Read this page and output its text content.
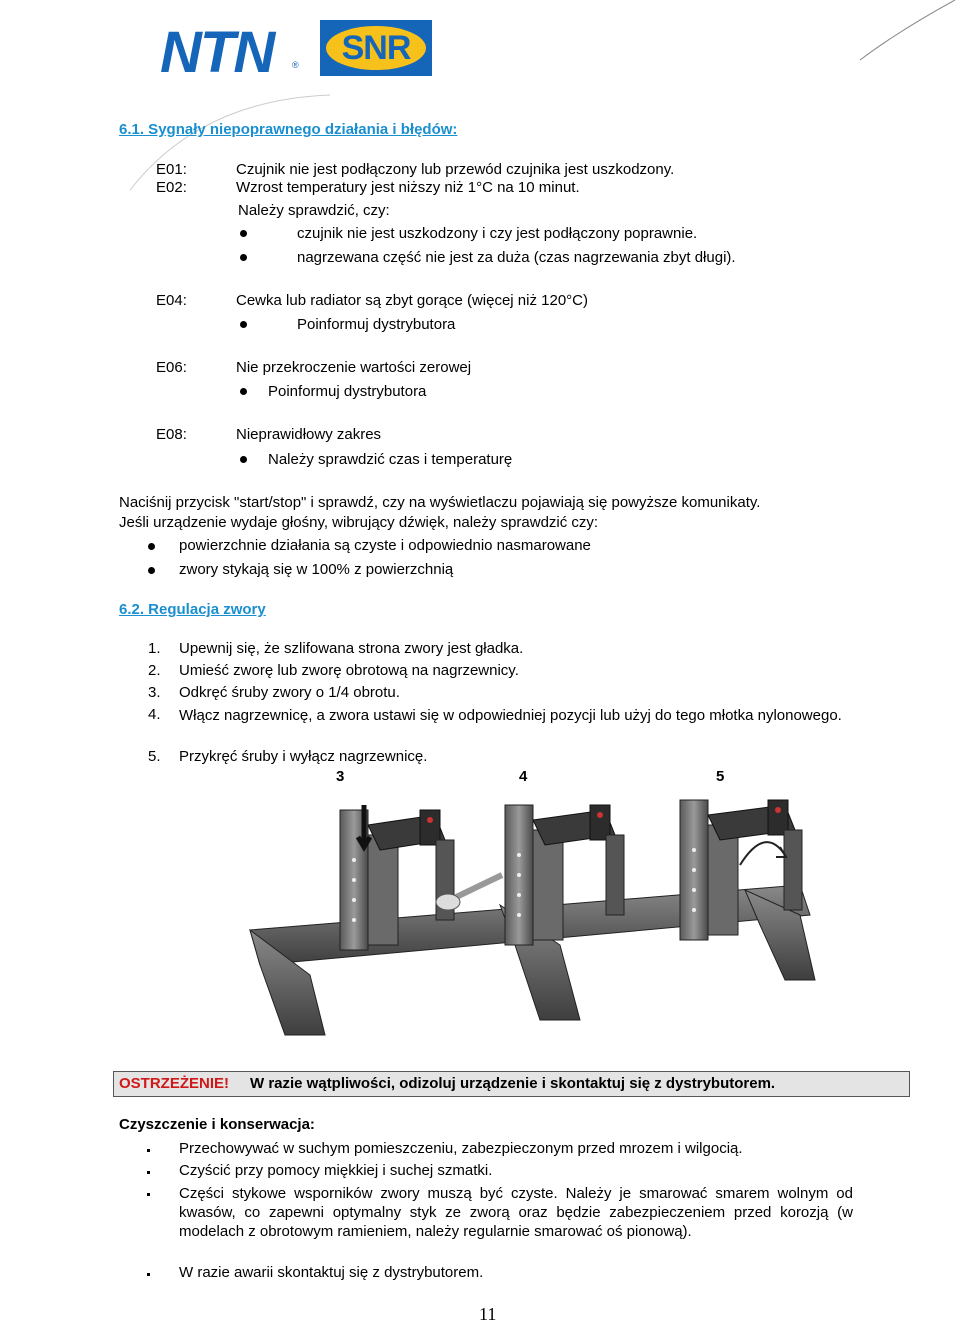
NTN ®	SNR
6.1. Sygnały niepoprawnego działania i błędów:
E01:	Czujnik nie jest podłączony lub przewód czujnika jest uszkodzony.
E02:	Wzrost temperatury jest niższy niż 1°C na 10 minut.
Należy sprawdzić, czy:
czujnik nie jest uszkodzony i czy jest podłączony poprawnie.
nagrzewana część nie jest za duża (czas nagrzewania zbyt długi).
E04:	Cewka lub radiator są zbyt gorące (więcej niż 120°C)
Poinformuj dystrybutora
E06:	Nie przekroczenie wartości zerowej
Poinformuj dystrybutora
E08:	Nieprawidłowy zakres
Należy sprawdzić czas i temperaturę
Naciśnij przycisk "start/stop" i sprawdź, czy na wyświetlaczu pojawiają się powyższe komunikaty.
Jeśli urządzenie wydaje głośny, wibrujący dźwięk, należy sprawdzić czy:
powierzchnie działania są czyste i odpowiednio nasmarowane
zwory stykają się w 100% z powierzchnią
6.2. Regulacja zwory
1. Upewnij się, że szlifowana strona zwory jest gładka.
2. Umieść zworę lub zworę obrotową na nagrzewnicy.
3. Odkręć śruby zwory o 1/4 obrotu.
4. Włącz nagrzewnicę, a zwora ustawi się w odpowiedniej pozycji lub użyj do tego młotka nylonowego.
5. Przykręć śruby i wyłącz nagrzewnicę.
3	4	5
OSTRZEŻENIE! W razie wątpliwości, odizoluj urządzenie i skontaktuj się z dystrybutorem.
Czyszczenie i konserwacja:
Przechowywać w suchym pomieszczeniu, zabezpieczonym przed mrozem i wilgocią.
Czyścić przy pomocy miękkiej i suchej szmatki.
Części stykowe wsporników zwory muszą być czyste. Należy je smarować smarem wolnym od kwasów, co zapewni optymalny styk ze zworą oraz będzie zabezpieczeniem przed korozją (w modelach z obrotowym ramieniem, należy regularnie smarować oś pionową).
W razie awarii skontaktuj się z dystrybutorem.
11
